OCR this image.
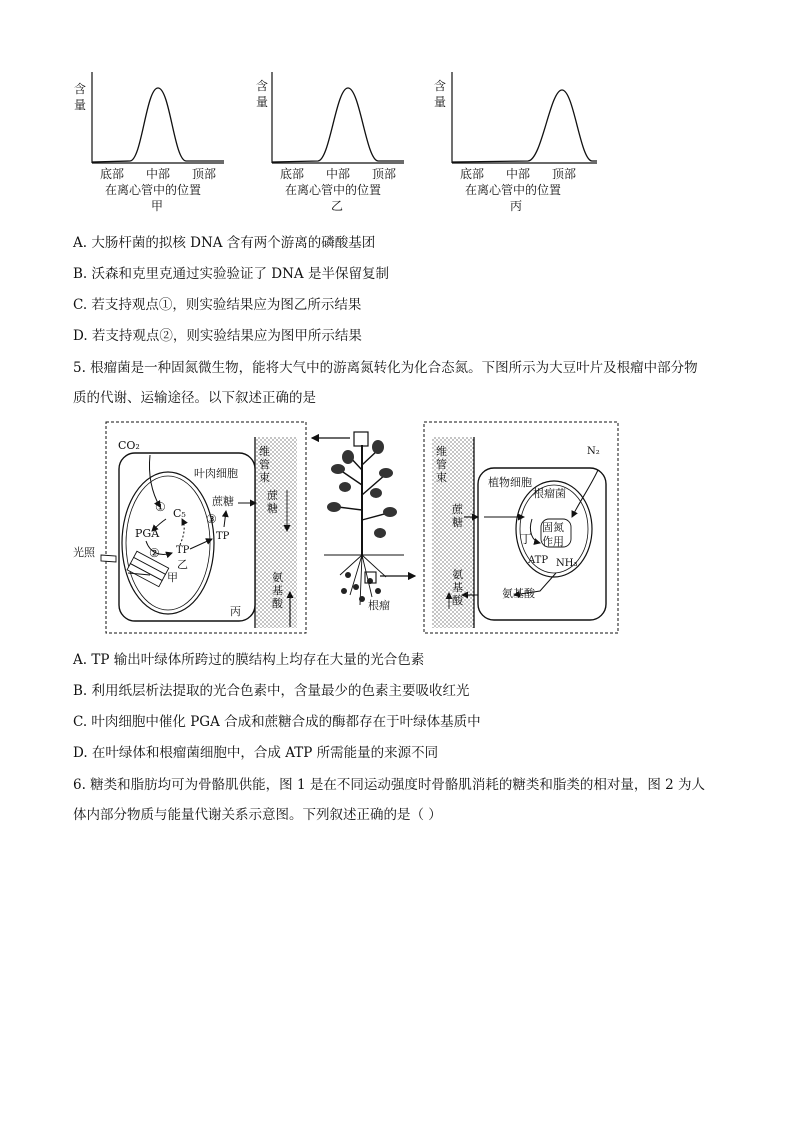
含
量
底部 中部 顶部
在离心管中的位置
甲
含
量
底部 中部 顶部
在离心管中的位置
乙
含
量
底部 中部 顶部
在离心管中的位置
丙
A. 大肠杆菌的拟核 DNA 含有两个游离的磷酸基团
B. 沃森和克里克通过实验验证了 DNA 是半保留复制
C. 若支持观点①，则实验结果应为图乙所示结果
D. 若支持观点②，则实验结果应为图甲所示结果
5. 根瘤菌是一种固氮微生物，能将大气中的游离氮转化为化合态氮。下图所示为大豆叶片及根瘤中部分物
质的代谢、运输途径。以下叙述正确的是
CO₂
叶肉细胞
① C₅
PGA
② TP
乙
甲
③
TP
蔗糖
丙
光照
维
管
束
蔗
糖
氨
基
酸	根瘤
维
管
束	植物细胞
N₂
根瘤菌
固氮
作用
丁
ATP NH₃
氨基酸
蔗
糖
氨
基
酸
A. TP 输出叶绿体所跨过的膜结构上均存在大量的光合色素
B. 利用纸层析法提取的光合色素中，含量最少的色素主要吸收红光
C. 叶肉细胞中催化 PGA 合成和蔗糖合成的酶都存在于叶绿体基质中
D. 在叶绿体和根瘤菌细胞中，合成 ATP 所需能量的来源不同
6. 糖类和脂肪均可为骨骼肌供能，图 1 是在不同运动强度时骨骼肌消耗的糖类和脂类的相对量，图 2 为人
体内部分物质与能量代谢关系示意图。下列叙述正确的是（ ）
